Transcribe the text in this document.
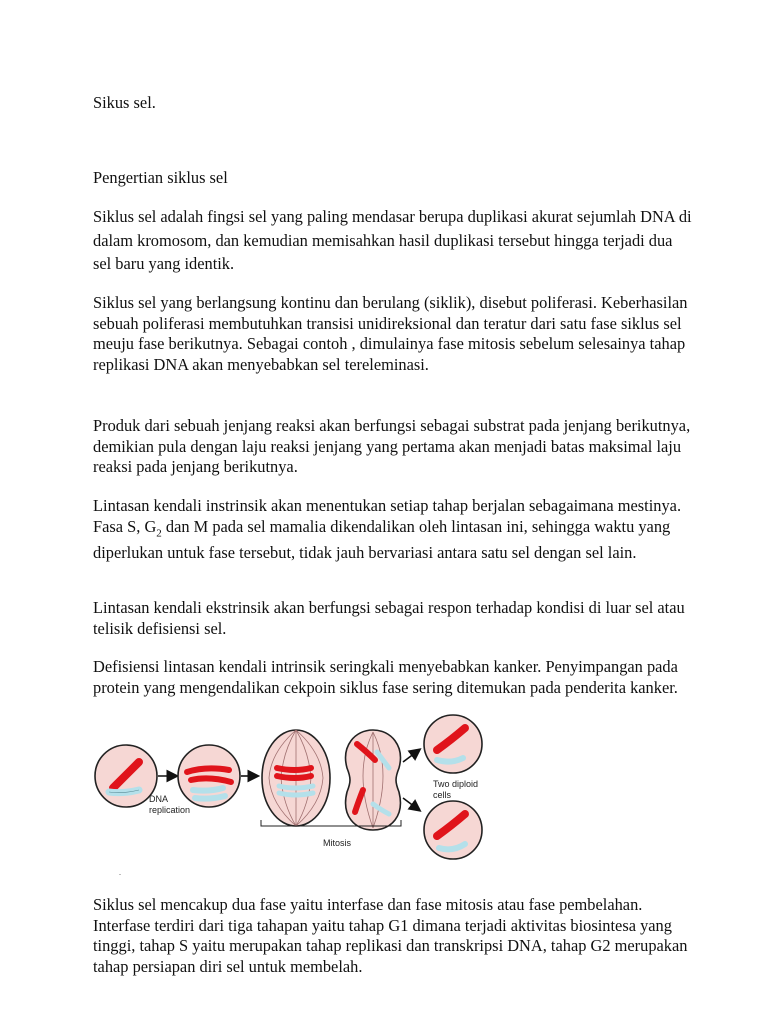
Sikus sel.

Pengertian siklus sel

Siklus sel adalah fingsi sel yang paling mendasar berupa duplikasi akurat sejumlah DNA di dalam kromosom, dan kemudian memisahkan hasil duplikasi tersebut hingga terjadi dua sel baru yang identik.

Siklus sel yang berlangsung kontinu dan berulang (siklik), disebut poliferasi. Keberhasilan sebuah poliferasi membutuhkan transisi unidireksional dan teratur dari satu fase siklus sel meuju fase berikutnya. Sebagai contoh , dimulainya fase mitosis sebelum selesainya tahap replikasi DNA akan menyebabkan sel tereleminasi.

Produk dari sebuah jenjang reaksi akan berfungsi sebagai substrat pada jenjang berikutnya, demikian pula dengan laju reaksi jenjang yang pertama akan menjadi batas maksimal laju reaksi pada jenjang berikutnya.

Lintasan kendali instrinsik akan menentukan setiap tahap berjalan sebagaimana mestinya. Fasa S, $G_2$ dan M pada sel mamalia dikendalikan oleh lintasan ini, sehingga waktu yang diperlukan untuk fase tersebut, tidak jauh bervariasi antara satu sel dengan sel lain.

Lintasan kendali ekstrinsik akan berfungsi sebagai respon terhadap kondisi di luar sel atau telisik defisiensi sel.

Defisiensi lintasan kendali intrinsik seringkali menyebabkan kanker. Penyimpangan pada protein yang mengendalikan cekpoin siklus fase sering ditemukan pada penderita kanker.

DNA
replication
Mitosis
Two diploid
cells
.

Siklus sel mencakup dua fase yaitu interfase dan fase mitosis atau fase pembelahan. Interfase terdiri dari tiga tahapan yaitu tahap G1 dimana terjadi aktivitas biosintesa yang tinggi, tahap S yaitu merupakan tahap replikasi dan transkripsi DNA, tahap G2 merupakan tahap persiapan diri sel untuk membelah.
